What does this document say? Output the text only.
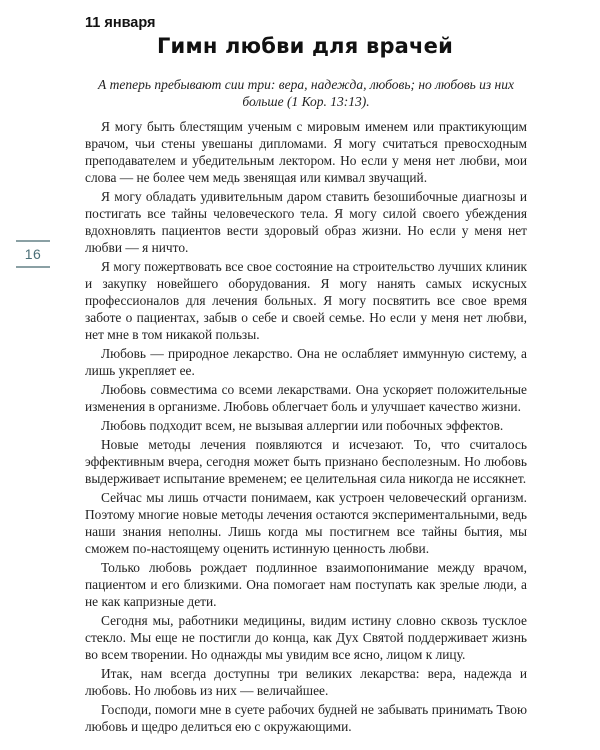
11 января
16
Гимн любви для врачей
А теперь пребывают сии три: вера, надежда, любовь; но любовь из них больше (1 Кор. 13:13).

Я могу быть блестящим ученым с мировым именем или практикующим врачом, чьи стены увешаны дипломами. Я могу считаться превосходным преподавателем и убедительным лектором. Но если у меня нет любви, мои слова — не более чем медь звенящая или кимвал звучащий.

Я могу обладать удивительным даром ставить безошибочные диагнозы и постигать все тайны человеческого тела. Я могу силой своего убеждения вдохновлять пациентов вести здоровый образ жизни. Но если у меня нет любви — я ничто.

Я могу пожертвовать все свое состояние на строительство лучших клиник и закупку новейшего оборудования. Я могу нанять самых искусных профессионалов для лечения больных. Я могу посвятить все свое время заботе о пациентах, забыв о себе и своей семье. Но если у меня нет любви, нет мне в том никакой пользы.

Любовь — природное лекарство. Она не ослабляет иммунную систему, а лишь укрепляет ее.

Любовь совместима со всеми лекарствами. Она ускоряет положительные изменения в организме. Любовь облегчает боль и улучшает качество жизни.

Любовь подходит всем, не вызывая аллергии или побочных эффектов.

Новые методы лечения появляются и исчезают. То, что считалось эффективным вчера, сегодня может быть признано бесполезным. Но любовь выдерживает испытание временем; ее целительная сила никогда не иссякнет.

Сейчас мы лишь отчасти понимаем, как устроен человеческий организм. Поэтому многие новые методы лечения остаются экспериментальными, ведь наши знания неполны. Лишь когда мы постигнем все тайны бытия, мы сможем по-настоящему оценить истинную ценность любви.

Только любовь рождает подлинное взаимопонимание между врачом, пациентом и его близкими. Она помогает нам поступать как зрелые люди, а не как капризные дети.

Сегодня мы, работники медицины, видим истину словно сквозь тусклое стекло. Мы еще не постигли до конца, как Дух Святой поддерживает жизнь во всем творении. Но однажды мы увидим все ясно, лицом к лицу.

Итак, нам всегда доступны три великих лекарства: вера, надежда и любовь. Но любовь из них — величайшее.

Господи, помоги мне в суете рабочих будней не забывать принимать Твою любовь и щедро делиться ею с окружающими.
